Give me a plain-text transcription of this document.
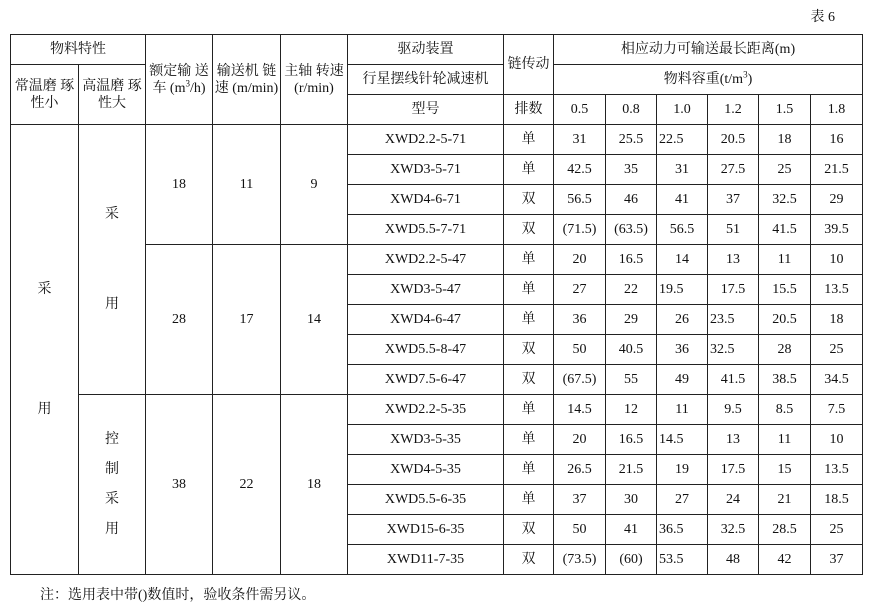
表 6
物料特性		额定输 送车 $(m^3/h)$	输送机 链速 (m/min)	主轴 转速 (r/min)	驱动装置	链传动	相应动力可输送最长距离(m)					
常温磨 琢性小	高温磨 琢性大				行星摆线针轮减速机		物料容重$(t/m^3)$					
					型号	排数	0.5	0.8	1.0	1.2	1.5	1.8

采
用	采
用	18	11	9	XWD2.2-5-71	单	31	25.5	22.5	20.5	18	16
					XWD3-5-71	单	42.5	35	31	27.5	25	21.5
					XWD4-6-71	双	56.5	46	41	37	32.5	29
					XWD5.5-7-71	双	(71.5)	(63.5)	56.5	51	41.5	39.5
		28	17	14	XWD2.2-5-47	单	20	16.5	14	13	11	10
					XWD3-5-47	单	27	22	19.5	17.5	15.5	13.5
					XWD4-6-47	单	36	29	26	23.5	20.5	18
					XWD5.5-8-47	双	50	40.5	36	32.5	28	25
					XWD7.5-6-47	双	(67.5)	55	49	41.5	38.5	34.5

	控
制
采
用	38	22	18	XWD2.2-5-35	单	14.5	12	11	9.5	8.5	7.5
					XWD3-5-35	单	20	16.5	14.5	13	11	10
					XWD4-5-35	单	26.5	21.5	19	17.5	15	13.5
					XWD5.5-6-35	单	37	30	27	24	21	18.5
					XWD15-6-35	双	50	41	36.5	32.5	28.5	25
					XWD11-7-35	双	(73.5)	(60)	53.5	48	42	37
注：选用表中带()数值时，验收条件需另议。
